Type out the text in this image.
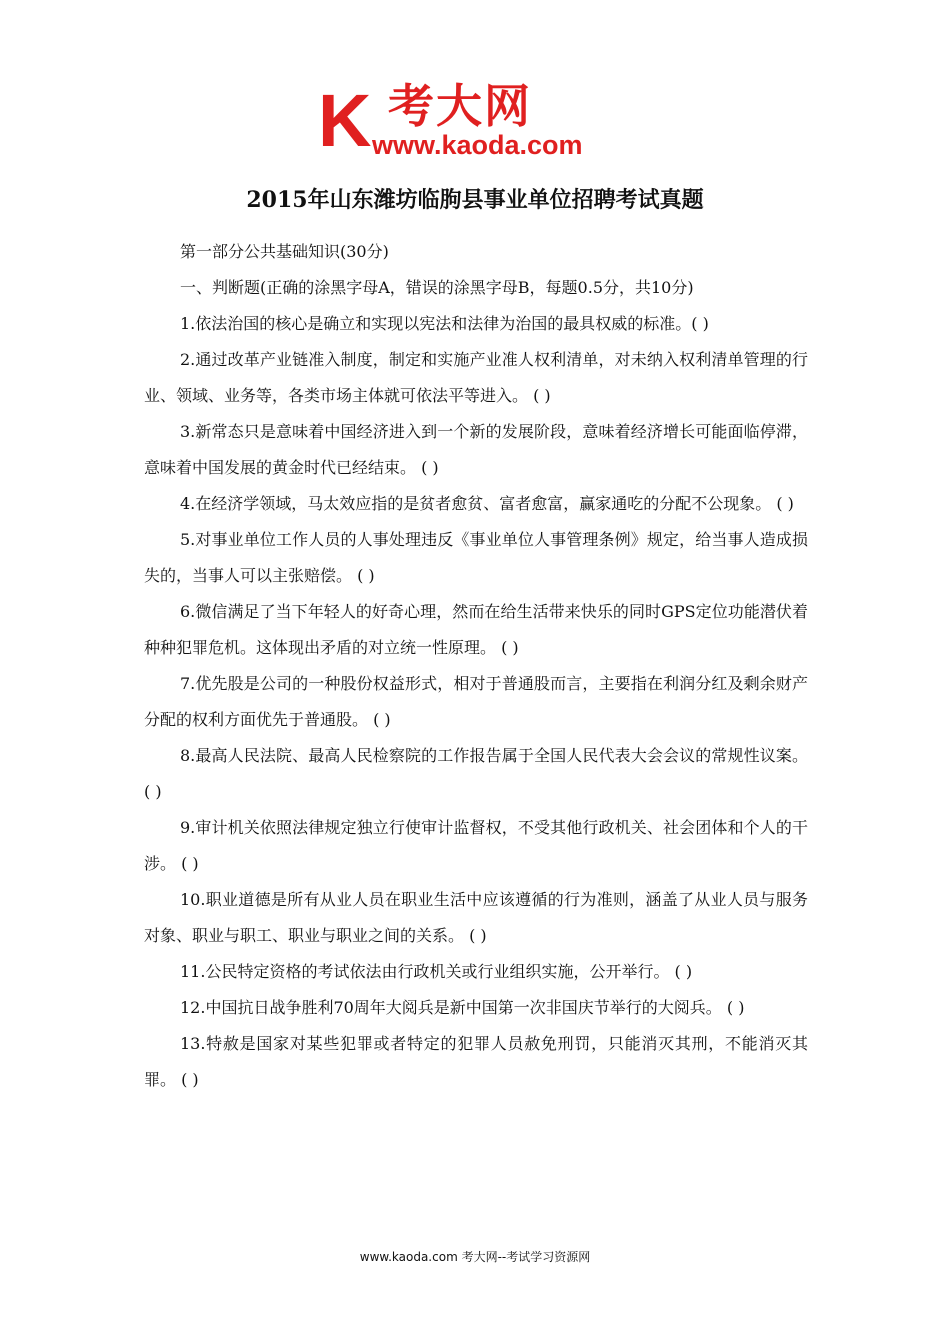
K 考大网
www.kaoda.com
2015年山东潍坊临朐县事业单位招聘考试真题

第一部分公共基础知识(30分)

一、判断题(正确的涂黑字母A，错误的涂黑字母B，每题0.5分，共10分)

1.依法治国的核心是确立和实现以宪法和法律为治国的最具权威的标准。( )

2.通过改革产业链准入制度，制定和实施产业准人权利清单，对未纳入权利清单管理的行业、领域、业务等，各类市场主体就可依法平等进入。 ( )

3.新常态只是意味着中国经济进入到一个新的发展阶段，意味着经济增长可能面临停滞，意味着中国发展的黄金时代已经结束。 ( )

4.在经济学领域，马太效应指的是贫者愈贫、富者愈富，赢家通吃的分配不公现象。 ( )

5.对事业单位工作人员的人事处理违反《事业单位人事管理条例》规定，给当事人造成损失的，当事人可以主张赔偿。 ( )

6.微信满足了当下年轻人的好奇心理，然而在给生活带来快乐的同时GPS定位功能潜伏着种种犯罪危机。这体现出矛盾的对立统一性原理。 ( )

7.优先股是公司的一种股份权益形式，相对于普通股而言，主要指在利润分红及剩余财产分配的权利方面优先于普通股。 ( )

8.最高人民法院、最高人民检察院的工作报告属于全国人民代表大会会议的常规性议案。 ( )

9.审计机关依照法律规定独立行使审计监督权，不受其他行政机关、社会团体和个人的干涉。 ( )

10.职业道德是所有从业人员在职业生活中应该遵循的行为准则，涵盖了从业人员与服务对象、职业与职工、职业与职业之间的关系。 ( )

11.公民特定资格的考试依法由行政机关或行业组织实施，公开举行。 ( )

12.中国抗日战争胜利70周年大阅兵是新中国第一次非国庆节举行的大阅兵。 ( )

13.特赦是国家对某些犯罪或者特定的犯罪人员赦免刑罚，只能消灭其刑，不能消灭其罪。 ( )

www.kaoda.com 考大网--考试学习资源网
